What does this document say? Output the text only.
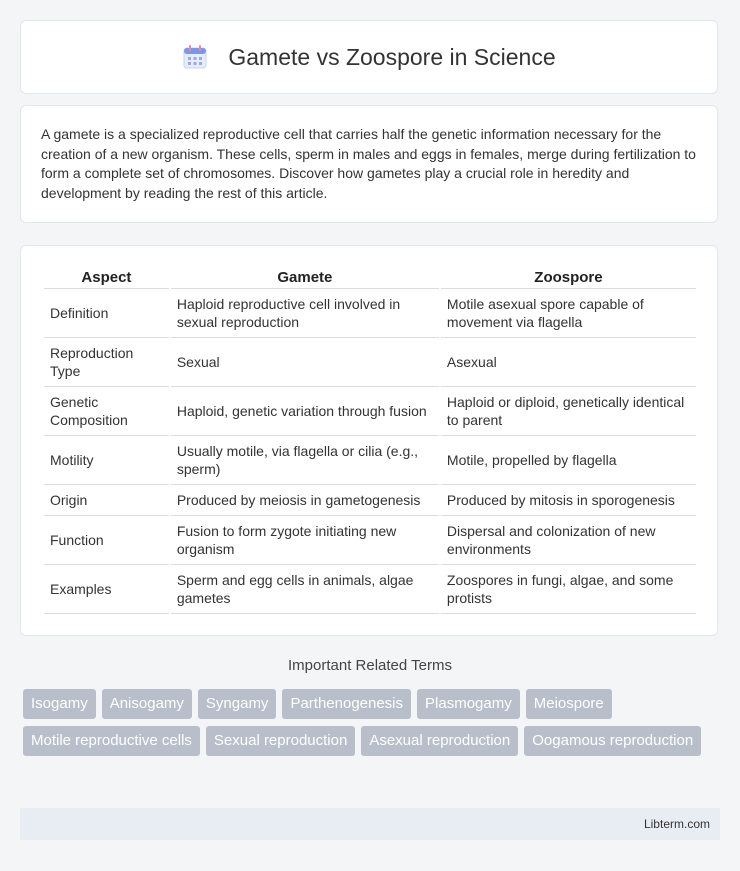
Gamete vs Zoospore in Science

A gamete is a specialized reproductive cell that carries half the genetic information necessary for the creation of a new organism. These cells, sperm in males and eggs in females, merge during fertilization to form a complete set of chromosomes. Discover how gametes play a crucial role in heredity and development by reading the rest of this article.

Aspect	Gamete	Zoospore
Definition	Haploid reproductive cell involved in sexual reproduction	Motile asexual spore capable of movement via flagella
Reproduction Type	Sexual	Asexual
Genetic Composition	Haploid, genetic variation through fusion	Haploid or diploid, genetically identical to parent
Motility	Usually motile, via flagella or cilia (e.g., sperm)	Motile, propelled by flagella
Origin	Produced by meiosis in gametogenesis	Produced by mitosis in sporogenesis
Function	Fusion to form zygote initiating new organism	Dispersal and colonization of new environments
Examples	Sperm and egg cells in animals, algae gametes	Zoospores in fungi, algae, and some protists
Important Related Terms
Isogamy	Anisogamy	Syngamy	Parthenogenesis	Plasmogamy	Meiospore
Motile reproductive cells	Sexual reproduction	Asexual reproduction	Oogamous reproduction
Libterm.com
